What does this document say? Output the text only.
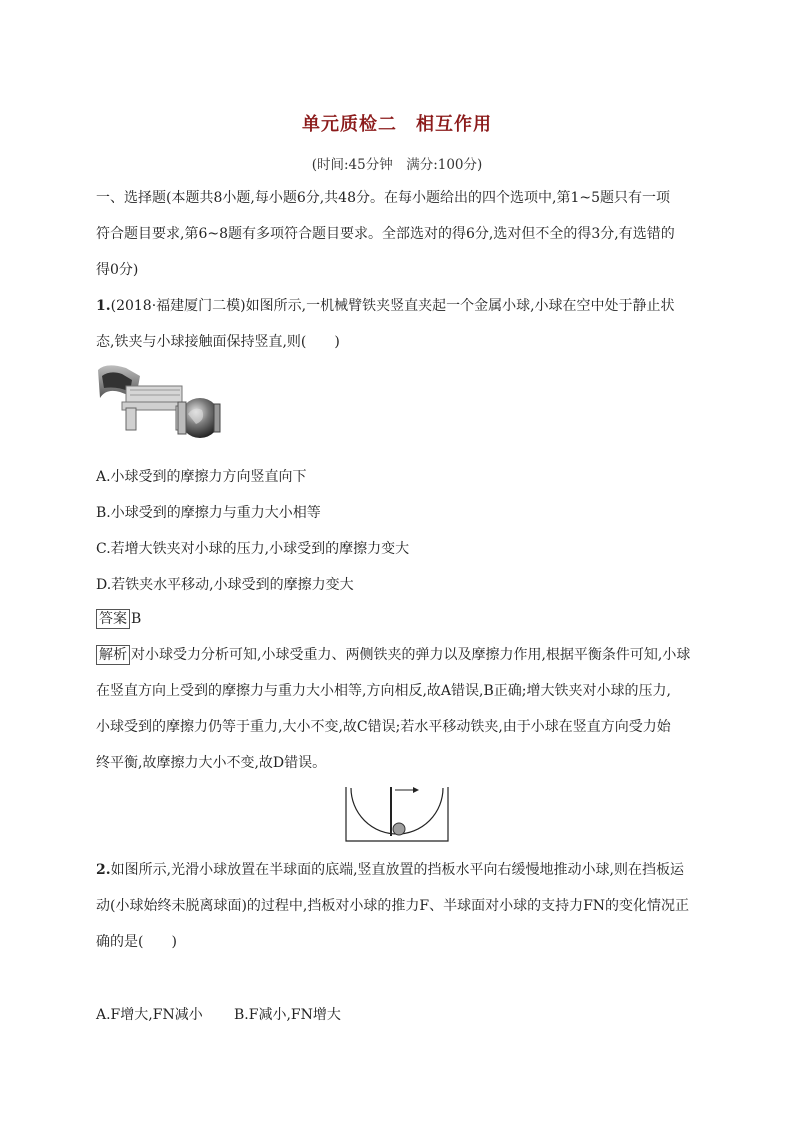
单元质检二　相互作用
(时间:45分钟　满分:100分)
一、选择题(本题共8小题,每小题6分,共48分。在每小题给出的四个选项中,第1~5题只有一项
符合题目要求,第6~8题有多项符合题目要求。全部选对的得6分,选对但不全的得3分,有选错的
得0分)
1.(2018·福建厦门二模)如图所示,一机械臂铁夹竖直夹起一个金属小球,小球在空中处于静止状
态,铁夹与小球接触面保持竖直,则(　　)
A.小球受到的摩擦力方向竖直向下
B.小球受到的摩擦力与重力大小相等
C.若增大铁夹对小球的压力,小球受到的摩擦力变大
D.若铁夹水平移动,小球受到的摩擦力变大
答案 B
解析 对小球受力分析可知,小球受重力、两侧铁夹的弹力以及摩擦力作用,根据平衡条件可知,小球
在竖直方向上受到的摩擦力与重力大小相等,方向相反,故A错误,B正确;增大铁夹对小球的压力,
小球受到的摩擦力仍等于重力,大小不变,故C错误;若水平移动铁夹,由于小球在竖直方向受力始
终平衡,故摩擦力大小不变,故D错误。
2.如图所示,光滑小球放置在半球面的底端,竖直放置的挡板水平向右缓慢地推动小球,则在挡板运
动(小球始终未脱离球面)的过程中,挡板对小球的推力F、半球面对小球的支持力FN的变化情况正
确的是(　　)
A.F增大,FN减小 B.F减小,FN增大
